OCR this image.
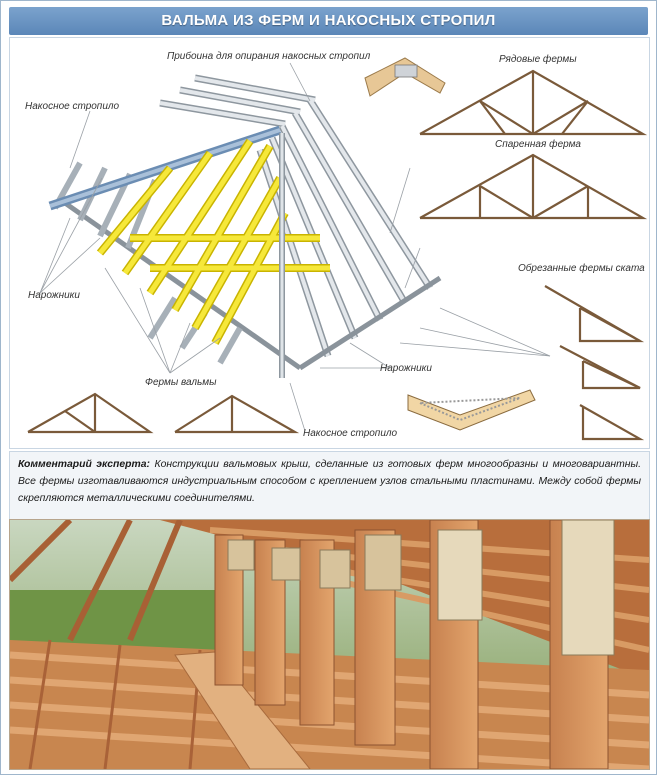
ВАЛЬМА ИЗ ФЕРМ И НАКОСНЫХ СТРОПИЛ
Прибоина для опирания накосных стропил
Накосное стропило
Рядовые фермы
Спаренная ферма
Нарожники
Обрезанные фермы ската
Фермы вальмы
Нарожники
Накосное стропило
Комментарий эксперта: Конструкции вальмовых крыш, сделанные из готовых ферм многообразны и многовариантны. Все фермы изготавливаются индустриальным способом с креплением узлов стальными пластинами. Между собой фермы скрепляются металлическими соединителями.
